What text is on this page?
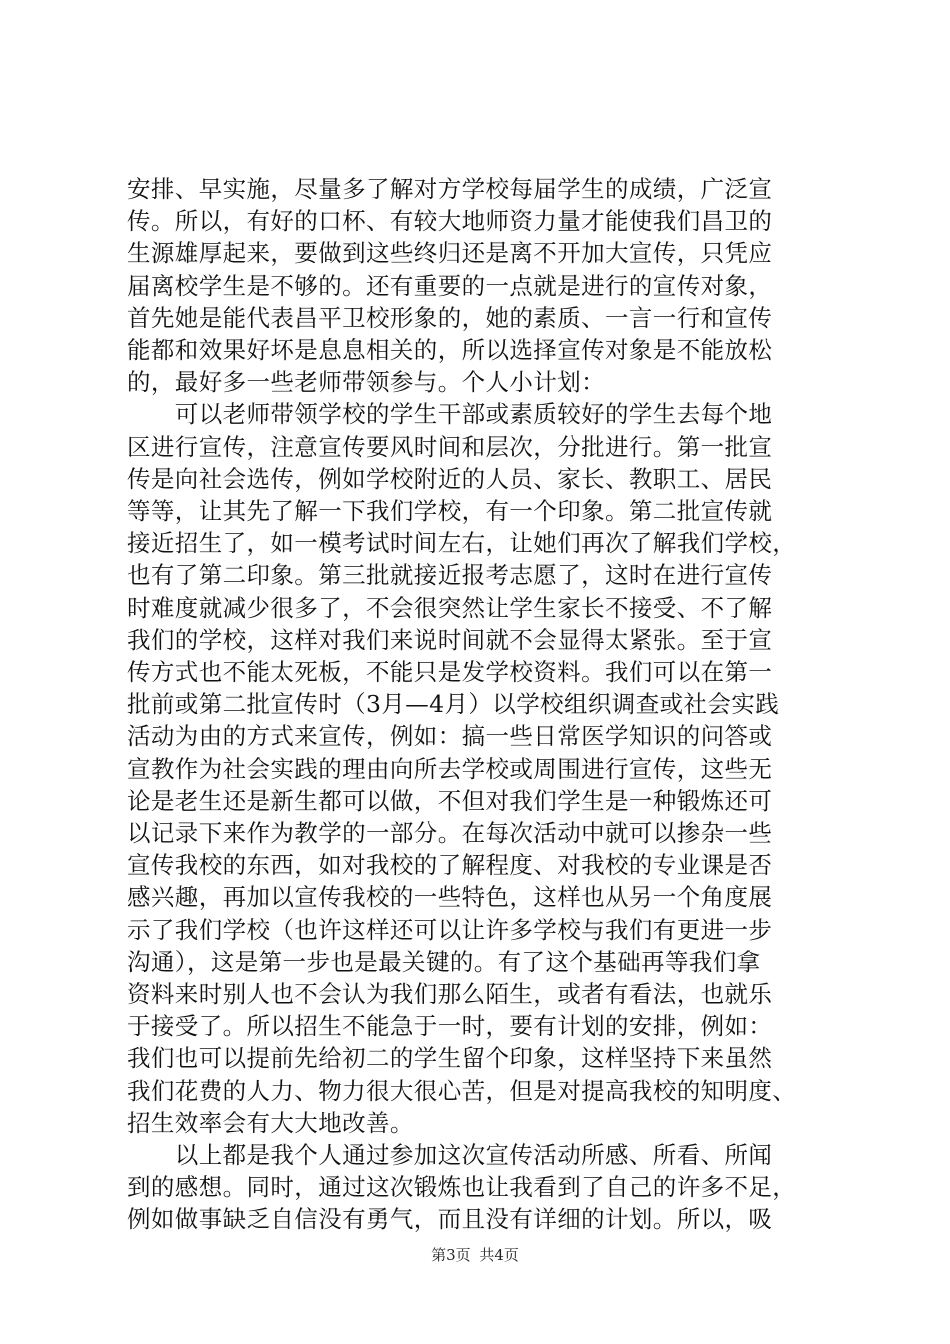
安排、早实施，尽量多了解对方学校每届学生的成绩，广泛宣
传。所以，有好的口杯、有较大地师资力量才能使我们昌卫的
生源雄厚起来，要做到这些终归还是离不开加大宣传，只凭应
届离校学生是不够的。还有重要的一点就是进行的宣传对象，
首先她是能代表昌平卫校形象的，她的素质、一言一行和宣传
能都和效果好坏是息息相关的，所以选择宣传对象是不能放松
的，最好多一些老师带领参与。个人小计划：
　　可以老师带领学校的学生干部或素质较好的学生去每个地
区进行宣传，注意宣传要风时间和层次，分批进行。第一批宣
传是向社会选传，例如学校附近的人员、家长、教职工、居民
等等，让其先了解一下我们学校，有一个印象。第二批宣传就
接近招生了，如一模考试时间左右，让她们再次了解我们学校，
也有了第二印象。第三批就接近报考志愿了，这时在进行宣传
时难度就减少很多了，不会很突然让学生家长不接受、不了解
我们的学校，这样对我们来说时间就不会显得太紧张。至于宣
传方式也不能太死板，不能只是发学校资料。我们可以在第一
批前或第二批宣传时（3月—4月）以学校组织调查或社会实践
活动为由的方式来宣传，例如：搞一些日常医学知识的问答或
宣教作为社会实践的理由向所去学校或周围进行宣传，这些无
论是老生还是新生都可以做，不但对我们学生是一种锻炼还可
以记录下来作为教学的一部分。在每次活动中就可以掺杂一些
宣传我校的东西，如对我校的了解程度、对我校的专业课是否
感兴趣，再加以宣传我校的一些特色，这样也从另一个角度展
示了我们学校（也许这样还可以让许多学校与我们有更进一步
沟通），这是第一步也是最关键的。有了这个基础再等我们拿
资料来时别人也不会认为我们那么陌生，或者有看法，也就乐
于接受了。所以招生不能急于一时，要有计划的安排，例如：
我们也可以提前先给初二的学生留个印象，这样坚持下来虽然
我们花费的人力、物力很大很心苦，但是对提高我校的知明度、
招生效率会有大大地改善。
　　以上都是我个人通过参加这次宣传活动所感、所看、所闻
到的感想。同时，通过这次锻炼也让我看到了自己的许多不足，
例如做事缺乏自信没有勇气，而且没有详细的计划。所以，吸
第3页 共4页
